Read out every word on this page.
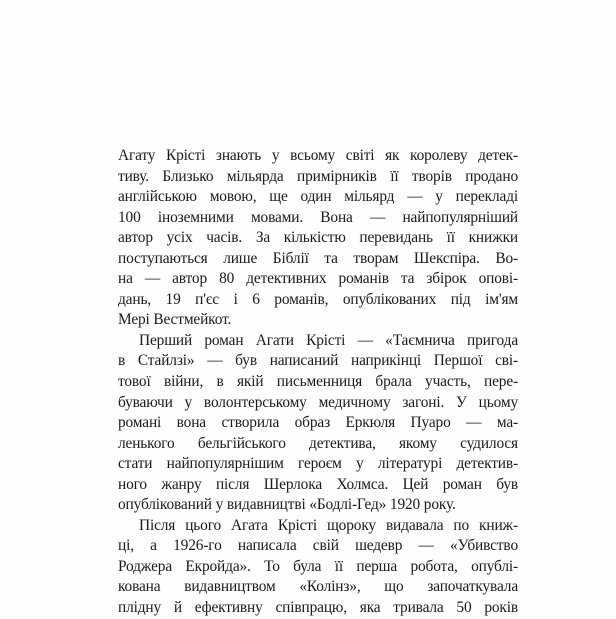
Агату Крісті знають у всьому світі як королеву детек-
тиву. Близько мільярда примірників її творів продано
англійською мовою, ще один мільярд — у перекладі
100 іноземними мовами. Вона — найпопулярніший
автор усіх часів. За кількістю перевидань її книжки
поступаються лише Біблії та творам Шекспіра. Во-
на — автор 80 детективних романів та збірок опові-
дань, 19 п'єс і 6 романів, опублікованих під ім'ям
Мері Вестмейкот.
Перший роман Агати Крісті — «Таємнича пригода
в Стайлзі» — був написаний наприкінці Першої сві-
тової війни, в якій письменниця брала участь, пере-
буваючи у волонтерському медичному загоні. У цьому
романі вона створила образ Еркюля Пуаро — ма-
ленького бельгійського детектива, якому судилося
стати найпопулярнішим героєм у літературі детектив-
ного жанру після Шерлока Холмса. Цей роман був
опублікований у видавництві «Бодлі-Гед» 1920 року.
Після цього Агата Крісті щороку видавала по книж-
ці, а 1926-го написала свій шедевр — «Убивство
Роджера Екройда». То була її перша робота, опублі-
кована видавництвом «Колінз», що започаткувала
плідну й ефективну співпрацю, яка тривала 50 років
